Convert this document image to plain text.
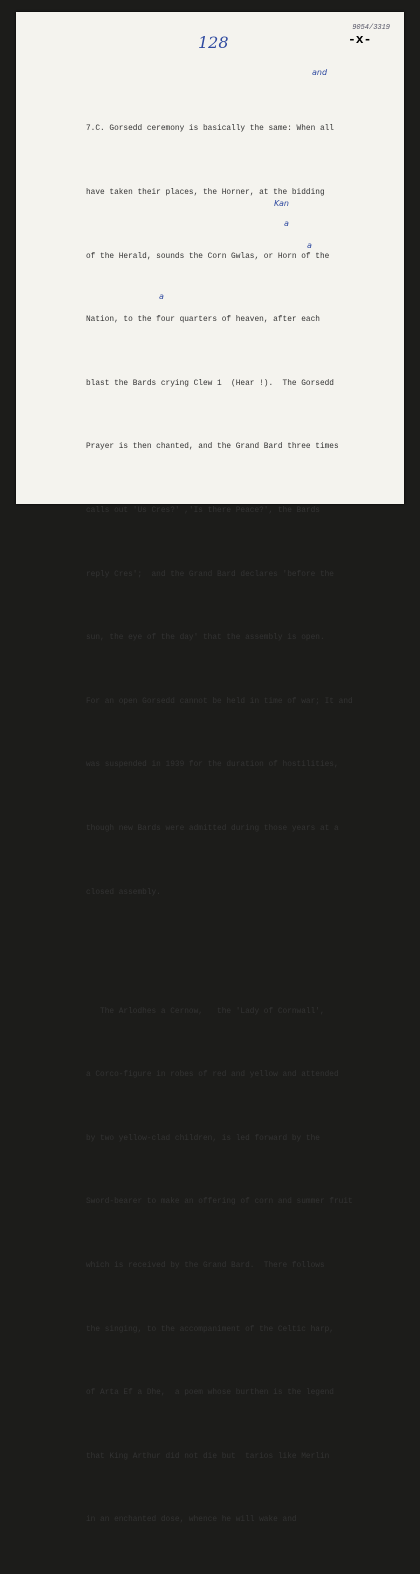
9054/3319
128	-x-
and
Kan
a
a
a

7.C. Gorsedd ceremony is basically the same: When all

have taken their places, the Horner, at the bidding

of the Herald, sounds the Corn Gwlas, or Horn of the

Nation, to the four quarters of heaven, after each

blast the Bards crying Clew 1  (Hear !).  The Gorsedd

Prayer is then chanted, and the Grand Bard three times

calls out 'Us Cres?' ,'Is there Peace?', the Bards

reply Cres';  and the Grand Bard declares 'before the

sun, the eye of the day' that the assembly is open.

For an open Gorsedd cannot be held in time of war; It and

was suspended in 1939 for the duration of hostilities,

though new Bards were admitted during those years at a

closed assembly.

The Arlodhes a Cernow,   the 'Lady of Cornwall',

a Corco-figure in robes of red and yellow and attended

by two yellow-clad children, is led forward by the

Sword-bearer to make an offering of corn and summer fruit

which is received by the Grand Bard.  There follows

the singing, to the accompaniment of the Celtic harp,

of Arta Ef a Dhe,  a poem whose burthen is the legend

that King Arthur did not die but  tarios like Merlin

in an enchanted dose, whence he will wake and
